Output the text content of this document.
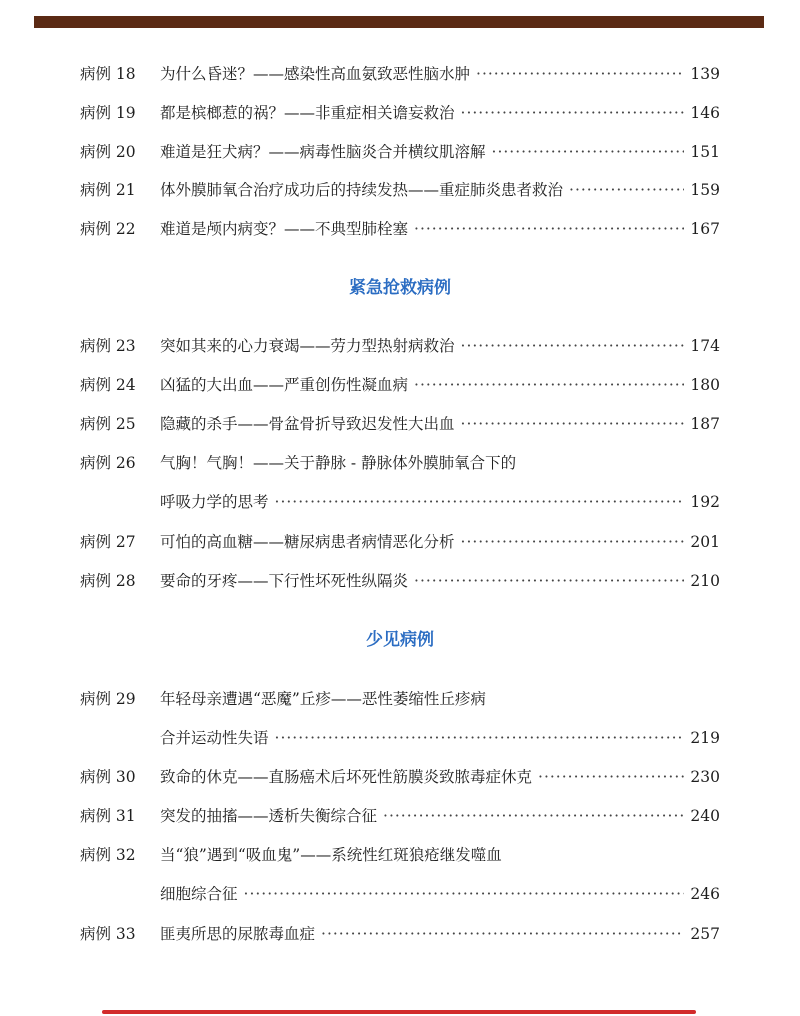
病例 18 为什么昏迷？——感染性高血氨致恶性脑水肿 ·····	139
病例 19 都是槟榔惹的祸？——非重症相关谵妄救治 ·····	146
病例 20 难道是狂犬病？——病毒性脑炎合并横纹肌溶解 ·····	151
病例 21 体外膜肺氧合治疗成功后的持续发热——重症肺炎患者救治 ·····	159
病例 22 难道是颅内病变？——不典型肺栓塞 ·····	167
紧急抢救病例
病例 23 突如其来的心力衰竭——劳力型热射病救治 ·····	174
病例 24 凶猛的大出血——严重创伤性凝血病 ·····	180
病例 25 隐藏的杀手——骨盆骨折导致迟发性大出血 ·····	187
病例 26 气胸！气胸！——关于静脉 - 静脉体外膜肺氧合下的
呼吸力学的思考 ·····	192
病例 27 可怕的高血糖——糖尿病患者病情恶化分析 ·····	201
病例 28 要命的牙疼——下行性坏死性纵隔炎 ·····	210
少见病例
病例 29 年轻母亲遭遇“恶魔”丘疹——恶性萎缩性丘疹病
合并运动性失语 ·····	219
病例 30 致命的休克——直肠癌术后坏死性筋膜炎致脓毒症休克 ·····	230
病例 31 突发的抽搐——透析失衡综合征 ·····	240
病例 32 当“狼”遇到“吸血鬼”——系统性红斑狼疮继发噬血
细胞综合征 ·····	246
病例 33 匪夷所思的尿脓毒血症 ·····	257
